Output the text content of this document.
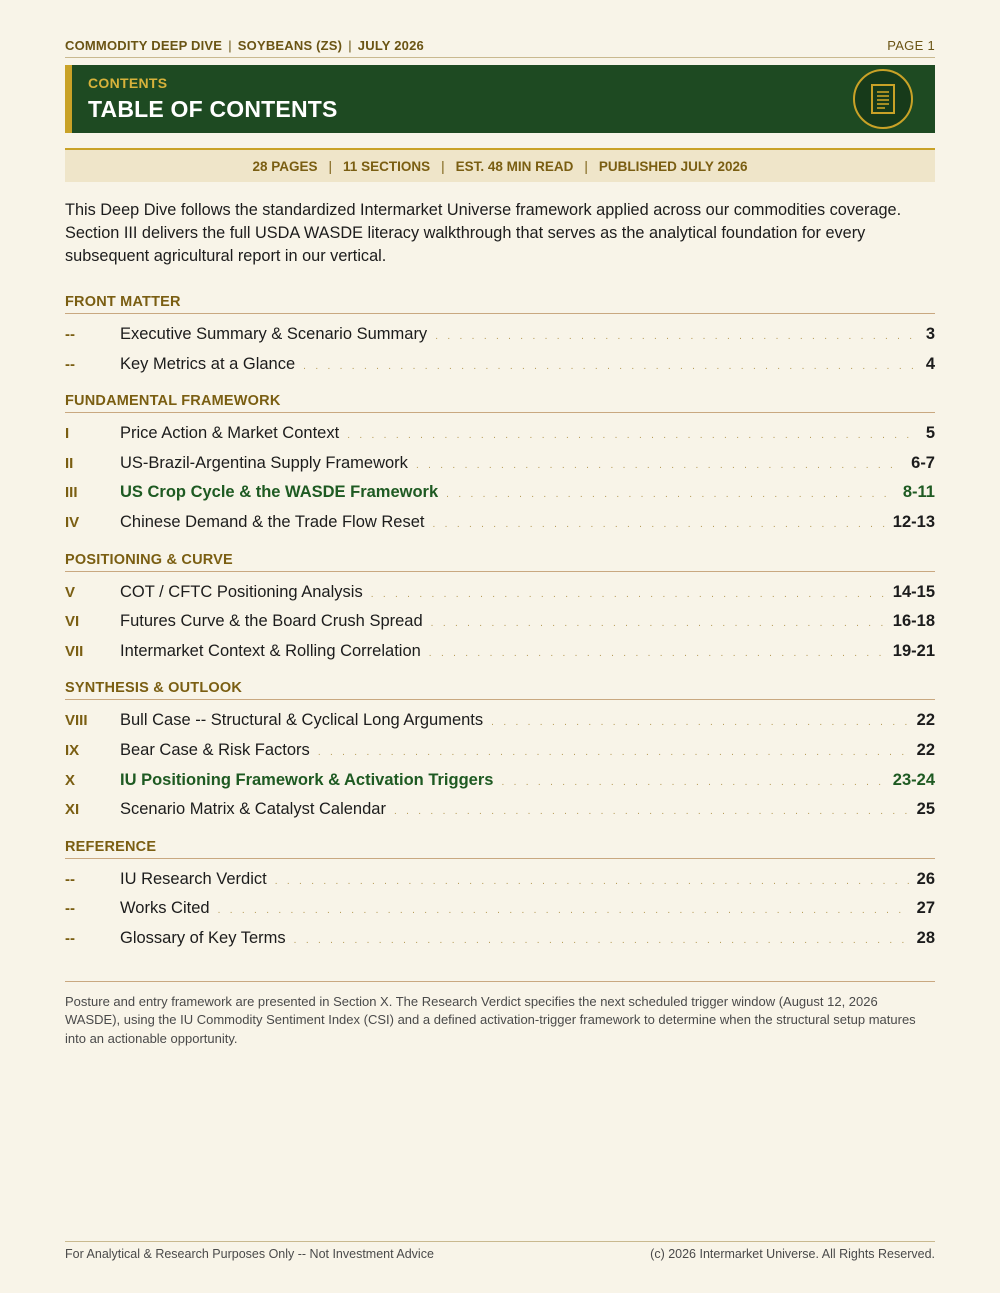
COMMODITY DEEP DIVE | SOYBEANS (ZS) | JULY 2026	PAGE 1
CONTENTS
TABLE OF CONTENTS
28 PAGES | 11 SECTIONS | EST. 48 MIN READ | PUBLISHED JULY 2026

This Deep Dive follows the standardized Intermarket Universe framework applied across our commodities coverage. Section III delivers the full USDA WASDE literacy walkthrough that serves as the analytical foundation for every subsequent agricultural report in our vertical.

FRONT MATTER
--	Executive Summary & Scenario Summary . . .	3
--	Key Metrics at a Glance . . .	4
FUNDAMENTAL FRAMEWORK
I	Price Action & Market Context . . .	5
II	US-Brazil-Argentina Supply Framework . . .	6-7
III	US Crop Cycle & the WASDE Framework . . .	8-11
IV	Chinese Demand & the Trade Flow Reset . . .	12-13
POSITIONING & CURVE
V	COT / CFTC Positioning Analysis . . .	14-15
VI	Futures Curve & the Board Crush Spread . . .	16-18
VII	Intermarket Context & Rolling Correlation . . .	19-21
SYNTHESIS & OUTLOOK
VIII	Bull Case -- Structural & Cyclical Long Arguments . . .	22
IX	Bear Case & Risk Factors . . .	22
X	IU Positioning Framework & Activation Triggers . . .	23-24
XI	Scenario Matrix & Catalyst Calendar . . .	25
REFERENCE
--	IU Research Verdict . . .	26
--	Works Cited . . .	27
--	Glossary of Key Terms . . .	28

Posture and entry framework are presented in Section X. The Research Verdict specifies the next scheduled trigger window (August 12, 2026 WASDE), using the IU Commodity Sentiment Index (CSI) and a defined activation-trigger framework to determine when the structural setup matures into an actionable opportunity.

For Analytical & Research Purposes Only -- Not Investment Advice	(c) 2026 Intermarket Universe. All Rights Reserved.
